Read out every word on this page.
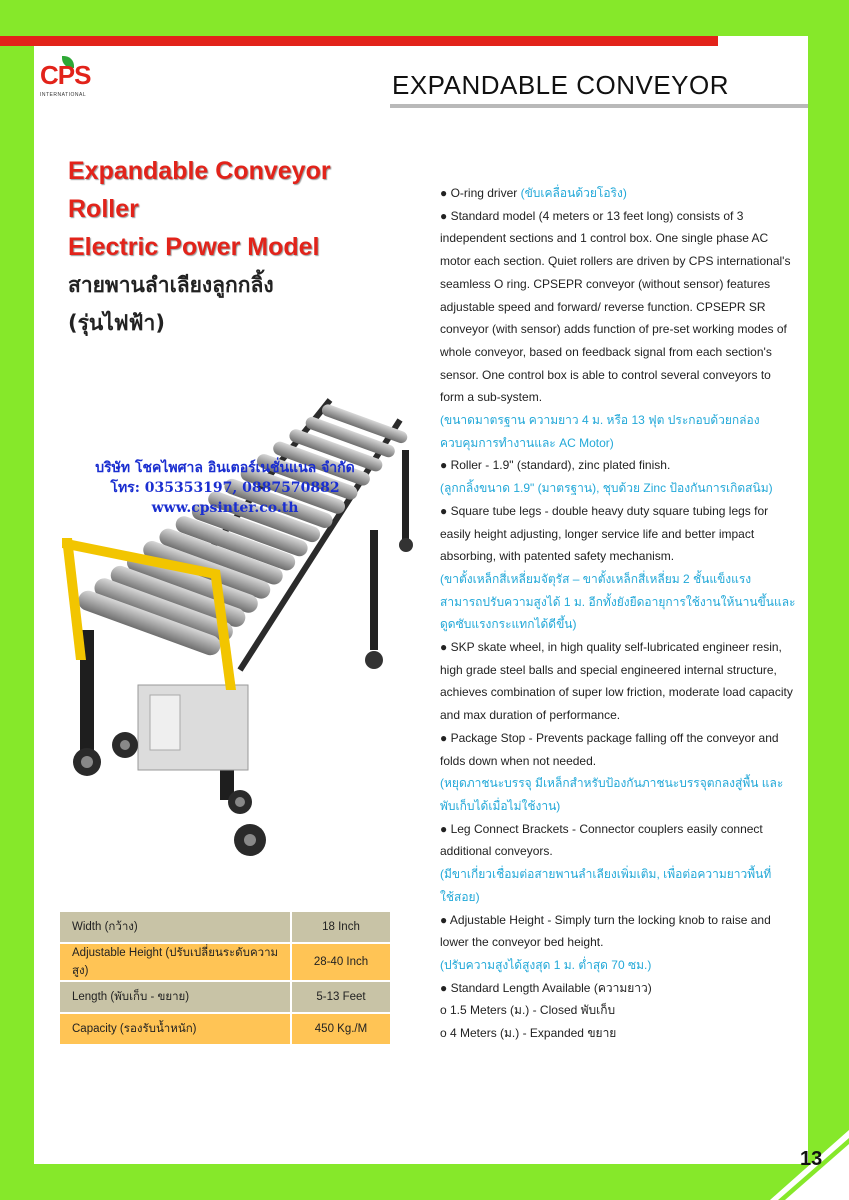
CPS
INTERNATIONAL	EXPANDABLE CONVEYOR
Expandable Conveyor
Roller
Electric Power Model
สายพานลำเลียงลูกกลิ้ง
(รุ่นไฟฟ้า)
บริษัท โชคไพศาล อินเตอร์เนชั่นแนล จำกัด
โทร: 035353197, 0887570882
www.cpsinter.co.th
Width (กว้าง)	18 Inch
Adjustable Height (ปรับเปลี่ยนระดับความสูง)	28-40 Inch
Length (พับเก็บ - ขยาย)	5-13 Feet
Capacity (รองรับน้ำหนัก)	450 Kg./M

● O-ring driver (ขับเคลื่อนด้วยโอริง)

● Standard model (4 meters or 13 feet long) consists of 3 independent sections and 1 control box. One single phase AC motor each section. Quiet rollers are driven by CPS international's seamless O ring. CPSEPR conveyor (without sensor) features adjustable speed and forward/ reverse function. CPSEPR SR conveyor (with sensor) adds function of pre-set working modes of whole conveyor, based on feedback signal from each section's sensor. One control box is able to control several conveyors to form a sub-system.

(ขนาดมาตรฐาน ความยาว 4 ม. หรือ 13 ฟุต ประกอบด้วยกล่องควบคุมการทำงานและ AC Motor)

● Roller - 1.9" (standard), zinc plated finish.

(ลูกกลิ้งขนาด 1.9" (มาตรฐาน), ชุบด้วย Zinc ป้องกันการเกิดสนิม)

● Square tube legs - double heavy duty square tubing legs for easily height adjusting, longer service life and better impact absorbing, with patented safety mechanism.

(ขาตั้งเหล็กสี่เหลี่ยมจัตุรัส – ขาตั้งเหล็กสี่เหลี่ยม 2 ชั้นแข็งแรง สามารถปรับความสูงได้ 1 ม. อีกทั้งยังยืดอายุการใช้งานให้นานขึ้นและดูดซับแรงกระแทกได้ดีขึ้น)

● SKP skate wheel, in high quality self-lubricated engineer resin, high grade steel balls and special engineered internal structure, achieves combination of super low friction, moderate load capacity and max duration of performance.

● Package Stop - Prevents package falling off the conveyor and folds down when not needed.

(หยุดภาชนะบรรจุ มีเหล็กสำหรับป้องกันภาชนะบรรจุตกลงสู่พื้น และพับเก็บได้เมื่อไม่ใช้งาน)

● Leg Connect Brackets - Connector couplers easily connect additional conveyors.

(มีขาเกี่ยวเชื่อมต่อสายพานลำเลียงเพิ่มเติม, เพื่อต่อความยาวพื้นที่ใช้สอย)

● Adjustable Height - Simply turn the locking knob to raise and lower the conveyor bed height.

(ปรับความสูงได้สูงสุด 1 ม. ต่ำสุด 70 ซม.)

● Standard Length Available (ความยาว)

o 1.5 Meters (ม.) - Closed พับเก็บ

o 4 Meters (ม.) - Expanded ขยาย

13
